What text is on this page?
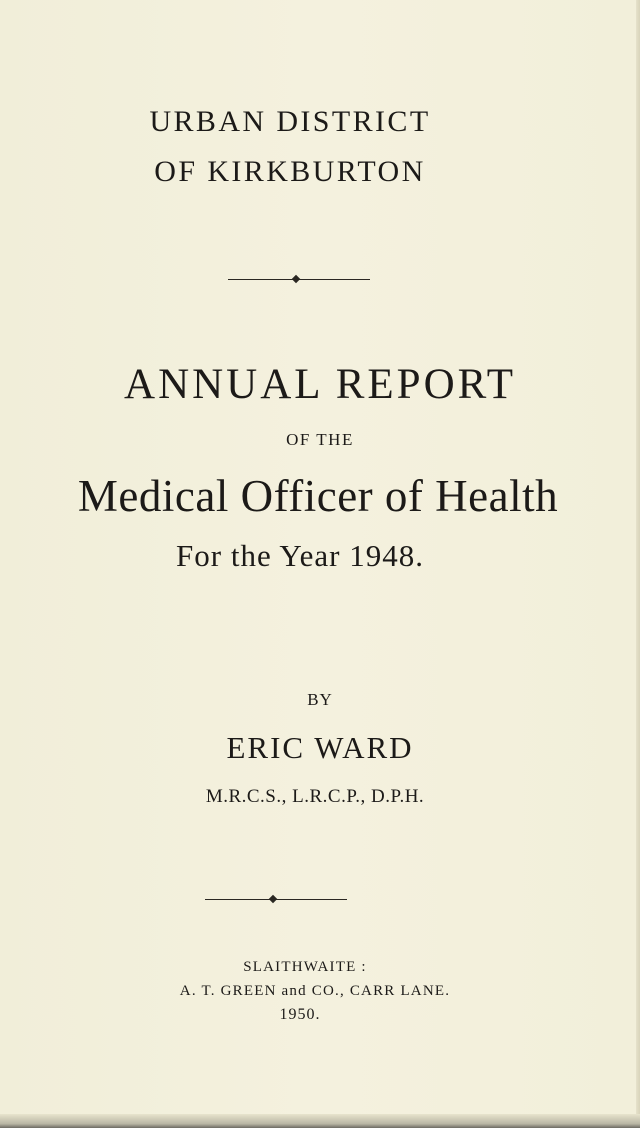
URBAN DISTRICT
OF KIRKBURTON
ANNUAL REPORT
OF THE
Medical Officer of Health
For the Year 1948.
BY
ERIC WARD
M.R.C.S., L.R.C.P., D.P.H.
SLAITHWAITE :
A. T. GREEN and CO., CARR LANE.
1950.
